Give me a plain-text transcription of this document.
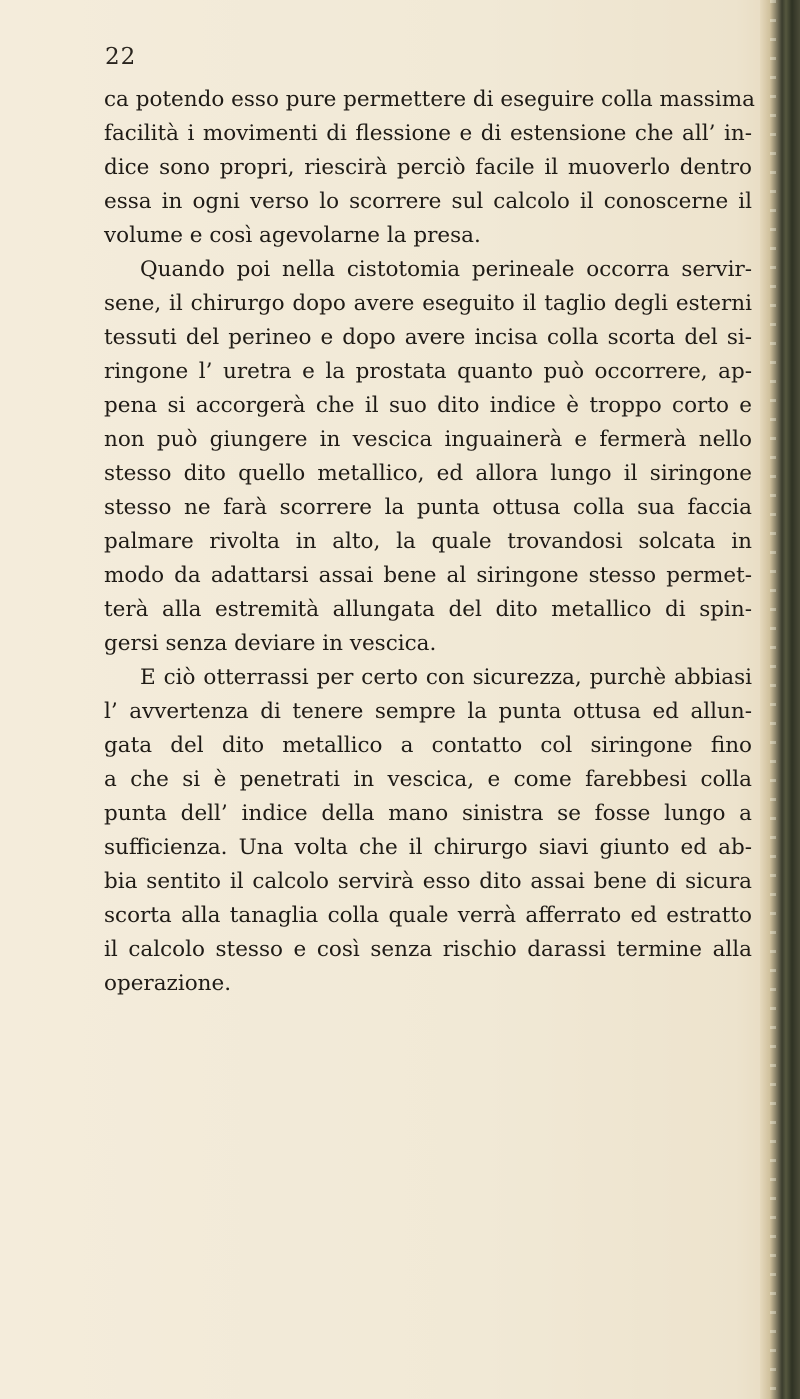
22
ca potendo esso pure permettere di eseguire colla massima
facilità i movimenti di flessione e di estensione che all’ in-
dice sono propri, riescirà perciò facile il muoverlo dentro
essa in ogni verso lo scorrere sul calcolo il conoscerne il
volume e così agevolarne la presa.
Quando poi nella cistotomia perineale occorra servir-
sene, il chirurgo dopo avere eseguito il taglio degli esterni
tessuti del perineo e dopo avere incisa colla scorta del si-
ringone l’ uretra e la prostata quanto può occorrere, ap-
pena si accorgerà che il suo dito indice è troppo corto e
non può giungere in vescica inguainerà e fermerà nello
stesso dito quello metallico, ed allora lungo il siringone
stesso ne farà scorrere la punta ottusa colla sua faccia
palmare rivolta in alto, la quale trovandosi solcata in
modo da adattarsi assai bene al siringone stesso permet-
terà alla estremità allungata del dito metallico di spin-
gersi senza deviare in vescica.
E ciò otterrassi per certo con sicurezza, purchè abbiasi
l’ avvertenza di tenere sempre la punta ottusa ed allun-
gata del dito metallico a contatto col siringone fino
a che si è penetrati in vescica, e come farebbesi colla
punta dell’ indice della mano sinistra se fosse lungo a
sufficienza. Una volta che il chirurgo siavi giunto ed ab-
bia sentito il calcolo servirà esso dito assai bene di sicura
scorta alla tanaglia colla quale verrà afferrato ed estratto
il calcolo stesso e così senza rischio darassi termine alla
operazione.
